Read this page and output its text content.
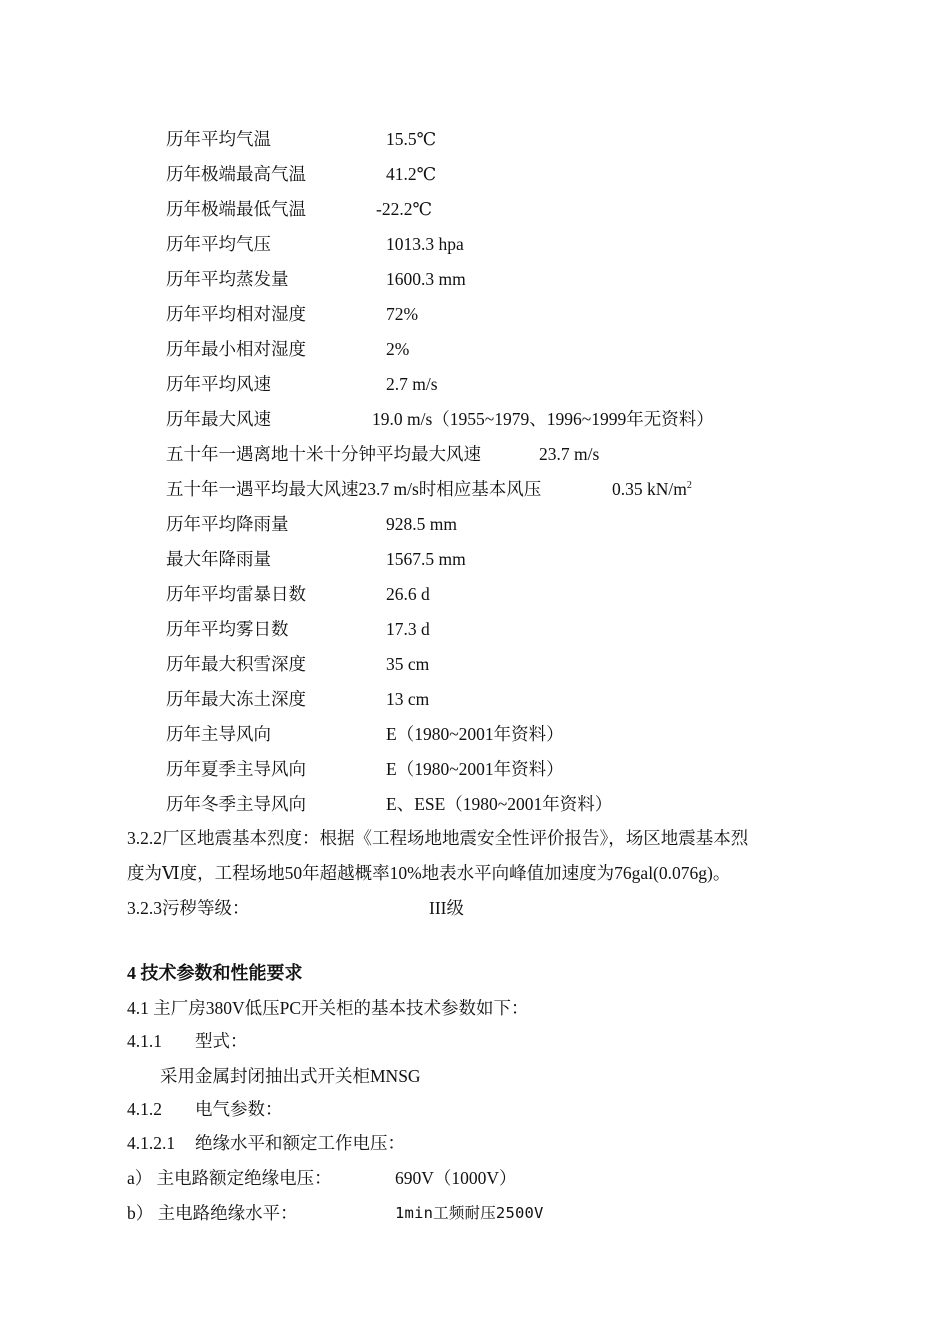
历年平均气温	15.5℃
历年极端最高气温	41.2℃
历年极端最低气温	-22.2℃
历年平均气压	1013.3 hpa
历年平均蒸发量	1600.3 mm
历年平均相对湿度	72%
历年最小相对湿度	2%
历年平均风速	2.7 m/s
历年最大风速	19.0 m/s（1955~1979、1996~1999年无资料）
五十年一遇离地十米十分钟平均最大风速	23.7 m/s
五十年一遇平均最大风速23.7 m/s时相应基本风压	0.35 $kN/m^2$
历年平均降雨量	928.5 mm
最大年降雨量	1567.5 mm
历年平均雷暴日数	26.6 d
历年平均雾日数	17.3 d
历年最大积雪深度	35 cm
历年最大冻土深度	13 cm
历年主导风向	E（1980~2001年资料）
历年夏季主导风向	E（1980~2001年资料）
历年冬季主导风向	E、ESE（1980~2001年资料）
3.2.2厂区地震基本烈度：根据《工程场地地震安全性评价报告》，场区地震基本烈
度为Ⅵ度，工程场地50年超越概率10%地表水平向峰值加速度为76gal(0.076g)。
3.2.3污秽等级：	III级
4 技术参数和性能要求
4.1 主厂房380V低压PC开关柜的基本技术参数如下：
4.1.1 型式：
采用金属封闭抽出式开关柜MNSG
4.1.2 电气参数：
4.1.2.1 绝缘水平和额定工作电压：
a） 主电路额定绝缘电压：	690V（1000V）
b） 主电路绝缘水平：	1min工频耐压2500V
